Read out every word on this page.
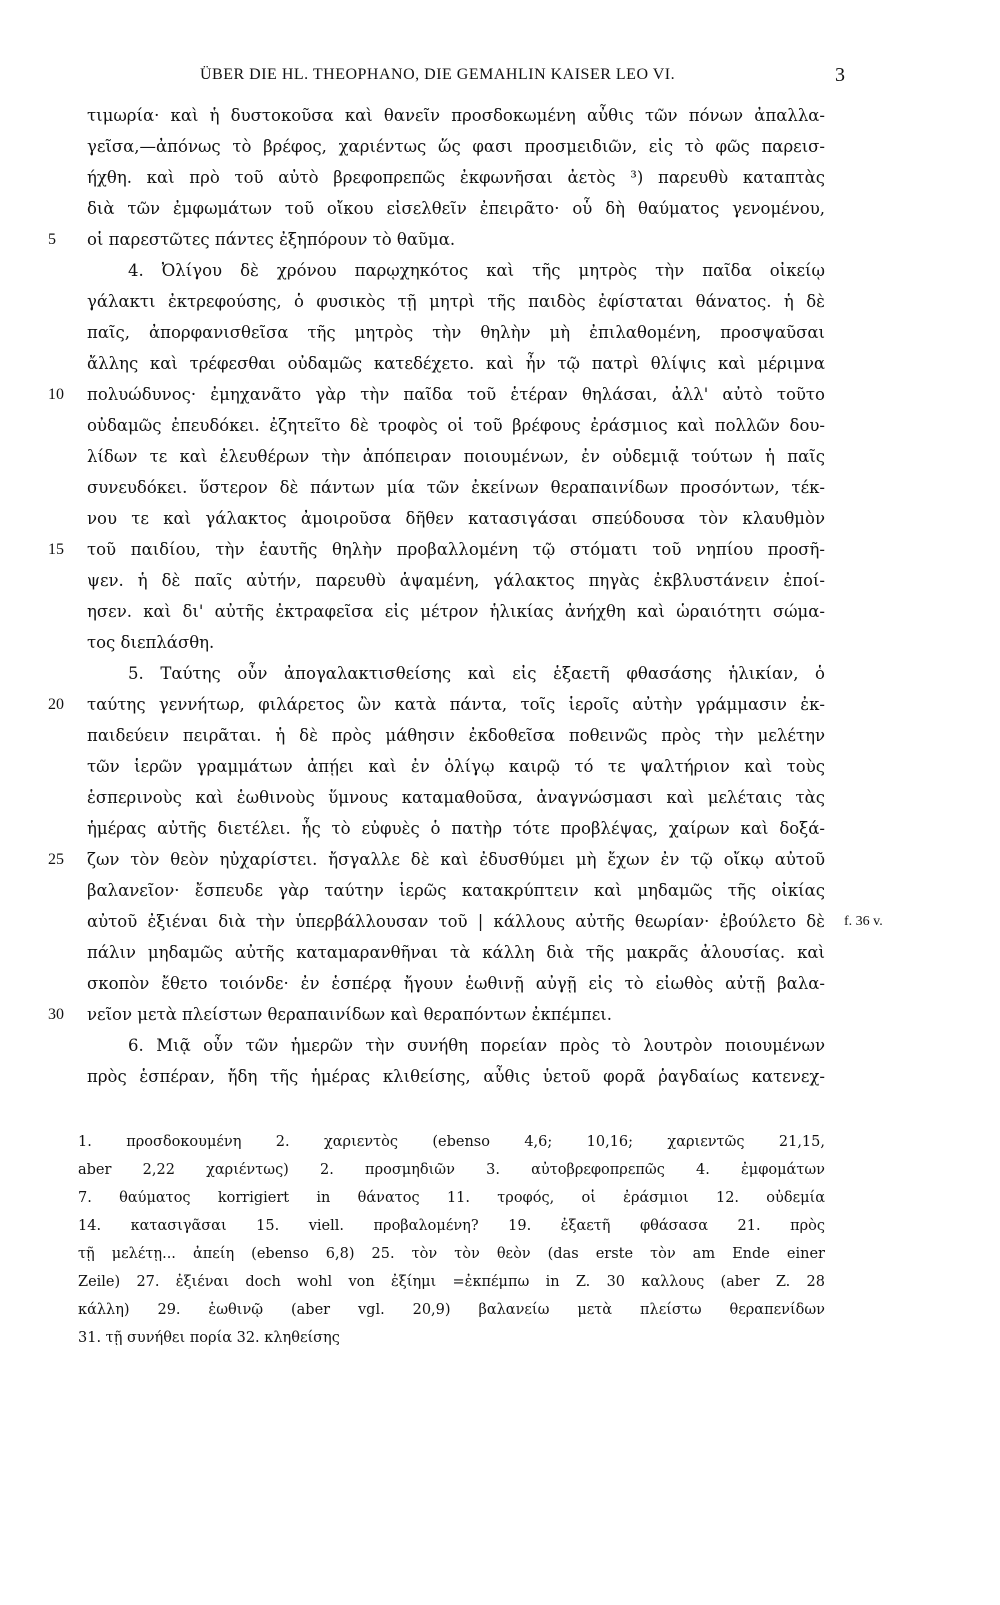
ÜBER DIE HL. THEOPHANO, DIE GEMAHLIN KAISER LEO VI.	3
τιμωρία· καὶ ἡ δυστοκοῦσα καὶ θανεῖν προσδοκωμένη αὖθις τῶν πόνων ἀπαλλα-
γεῖσα,—ἀπόνως τὸ βρέφος, χαριέντως ὥς φασι προσμειδιῶν, εἰς τὸ φῶς παρεισ-
ήχθη. καὶ πρὸ τοῦ αὐτὸ βρεφοπρεπῶς ἐκφωνῆσαι ἀετὸς ³) παρευθὺ καταπτὰς
διὰ τῶν ἐμφωμάτων τοῦ οἴκου εἰσελθεῖν ἐπειρᾶτο· οὗ δὴ θαύματος γενομένου,
5	οἱ παρεστῶτες πάντες ἐξηπόρουν τὸ θαῦμα.
4. Ὀλίγου δὲ χρόνου παρῳχηκότος καὶ τῆς μητρὸς τὴν παῖδα οἰκείῳ
γάλακτι ἐκτρεφούσης, ὁ φυσικὸς τῇ μητρὶ τῆς παιδὸς ἐφίσταται θάνατος. ἡ δὲ
παῖς, ἀπορφανισθεῖσα τῆς μητρὸς τὴν θηλὴν μὴ ἐπιλαθομένη, προσψαῦσαι
ἄλλης καὶ τρέφεσθαι οὐδαμῶς κατεδέχετο. καὶ ἦν τῷ πατρὶ θλίψις καὶ μέριμνα
10	πολυώδυνος· ἐμηχανᾶτο γὰρ τὴν παῖδα τοῦ ἑτέραν θηλάσαι, ἀλλ' αὐτὸ τοῦτο
οὐδαμῶς ἐπευδόκει. ἐζητεῖτο δὲ τροφὸς οἱ τοῦ βρέφους ἐράσμιος καὶ πολλῶν δου-
λίδων τε καὶ ἐλευθέρων τὴν ἀπόπειραν ποιουμένων, ἐν οὐδεμιᾷ τούτων ἡ παῖς
συνευδόκει. ὕστερον δὲ πάντων μία τῶν ἐκείνων θεραπαινίδων προσόντων, τέκ-
νου τε καὶ γάλακτος ἀμοιροῦσα δῆθεν κατασιγάσαι σπεύδουσα τὸν κλαυθμὸν
15	τοῦ παιδίου, τὴν ἑαυτῆς θηλὴν προβαλλομένη τῷ στόματι τοῦ νηπίου προσῆ-
ψεν. ἡ δὲ παῖς αὐτήν, παρευθὺ ἁψαμένη, γάλακτος πηγὰς ἐκβλυστάνειν ἐποί-
ησεν. καὶ δι' αὐτῆς ἐκτραφεῖσα εἰς μέτρον ἡλικίας ἀνήχθη καὶ ὡραιότητι σώμα-
τος διεπλάσθη.
5. Ταύτης οὖν ἀπογαλακτισθείσης καὶ εἰς ἑξαετῆ φθασάσης ἡλικίαν, ὁ
20	ταύτης γεννήτωρ, φιλάρετος ὢν κατὰ πάντα, τοῖς ἱεροῖς αὐτὴν γράμμασιν ἐκ-
παιδεύειν πειρᾶται. ἡ δὲ πρὸς μάθησιν ἐκδοθεῖσα ποθεινῶς πρὸς τὴν μελέτην
τῶν ἱερῶν γραμμάτων ἀπῄει καὶ ἐν ὀλίγῳ καιρῷ τό τε ψαλτήριον καὶ τοὺς
ἑσπερινοὺς καὶ ἑωθινοὺς ὕμνους καταμαθοῦσα, ἀναγνώσμασι καὶ μελέταις τὰς
ἡμέρας αὐτῆς διετέλει. ἧς τὸ εὐφυὲς ὁ πατὴρ τότε προβλέψας, χαίρων καὶ δοξά-
25	ζων τὸν θεὸν ηὐχαρίστει. ἤσγαλλε δὲ καὶ ἐδυσθύμει μὴ ἔχων ἐν τῷ οἴκῳ αὐτοῦ
βαλανεῖον· ἔσπευδε γὰρ ταύτην ἱερῶς κατακρύπτειν καὶ μηδαμῶς τῆς οἰκίας
αὐτοῦ ἐξιέναι διὰ τὴν ὑπερβάλλουσαν τοῦ | κάλλους αὐτῆς θεωρίαν· ἐβούλετο δὲ f. 36 v.
πάλιν μηδαμῶς αὐτῆς καταμαρανθῆναι τὰ κάλλη διὰ τῆς μακρᾶς ἀλουσίας. καὶ
σκοπὸν ἔθετο τοιόνδε· ἐν ἑσπέρᾳ ἤγουν ἑωθινῇ αὐγῇ εἰς τὸ εἰωθὸς αὐτῇ βαλα-
30	νεῖον μετὰ πλείστων θεραπαινίδων καὶ θεραπόντων ἐκπέμπει.
6. Μιᾷ οὖν τῶν ἡμερῶν τὴν συνήθη πορείαν πρὸς τὸ λουτρὸν ποιουμένων
πρὸς ἑσπέραν, ἤδη τῆς ἡμέρας κλιθείσης, αὖθις ὑετοῦ φορᾶ ῥαγδαίως κατενεχ-
1. προσδοκουμένη 2. χαριεντὸς (ebenso 4,6; 10,16; χαριεντῶς 21,15,
aber 2,22 χαριέντως) 2. προσμηδιῶν 3. αὐτοβρεφοπρεπῶς 4. ἐμφομάτων
7. θαύματος korrigiert in θάνατος 11. τροφός, οἱ ἐράσμιοι 12. οὐδεμία
14. κατασιγᾶσαι 15. viell. προβαλομένη? 19. ἐξαετῆ φθάσασα 21. πρὸς
τῇ μελέτῃ... ἀπείη (ebenso 6,8) 25. τὸν τὸν θεὸν (das erste τὸν am Ende einer
Zeile) 27. ἐξιέναι doch wohl von ἐξίημι =ἐκπέμπω in Z. 30 καλλους (aber Z. 28
κάλλη) 29. ἑωθινῷ (aber vgl. 20,9) βαλανείω μετὰ πλείστω θεραπενίδων
31. τῇ συνήθει πορία 32. κληθείσης
